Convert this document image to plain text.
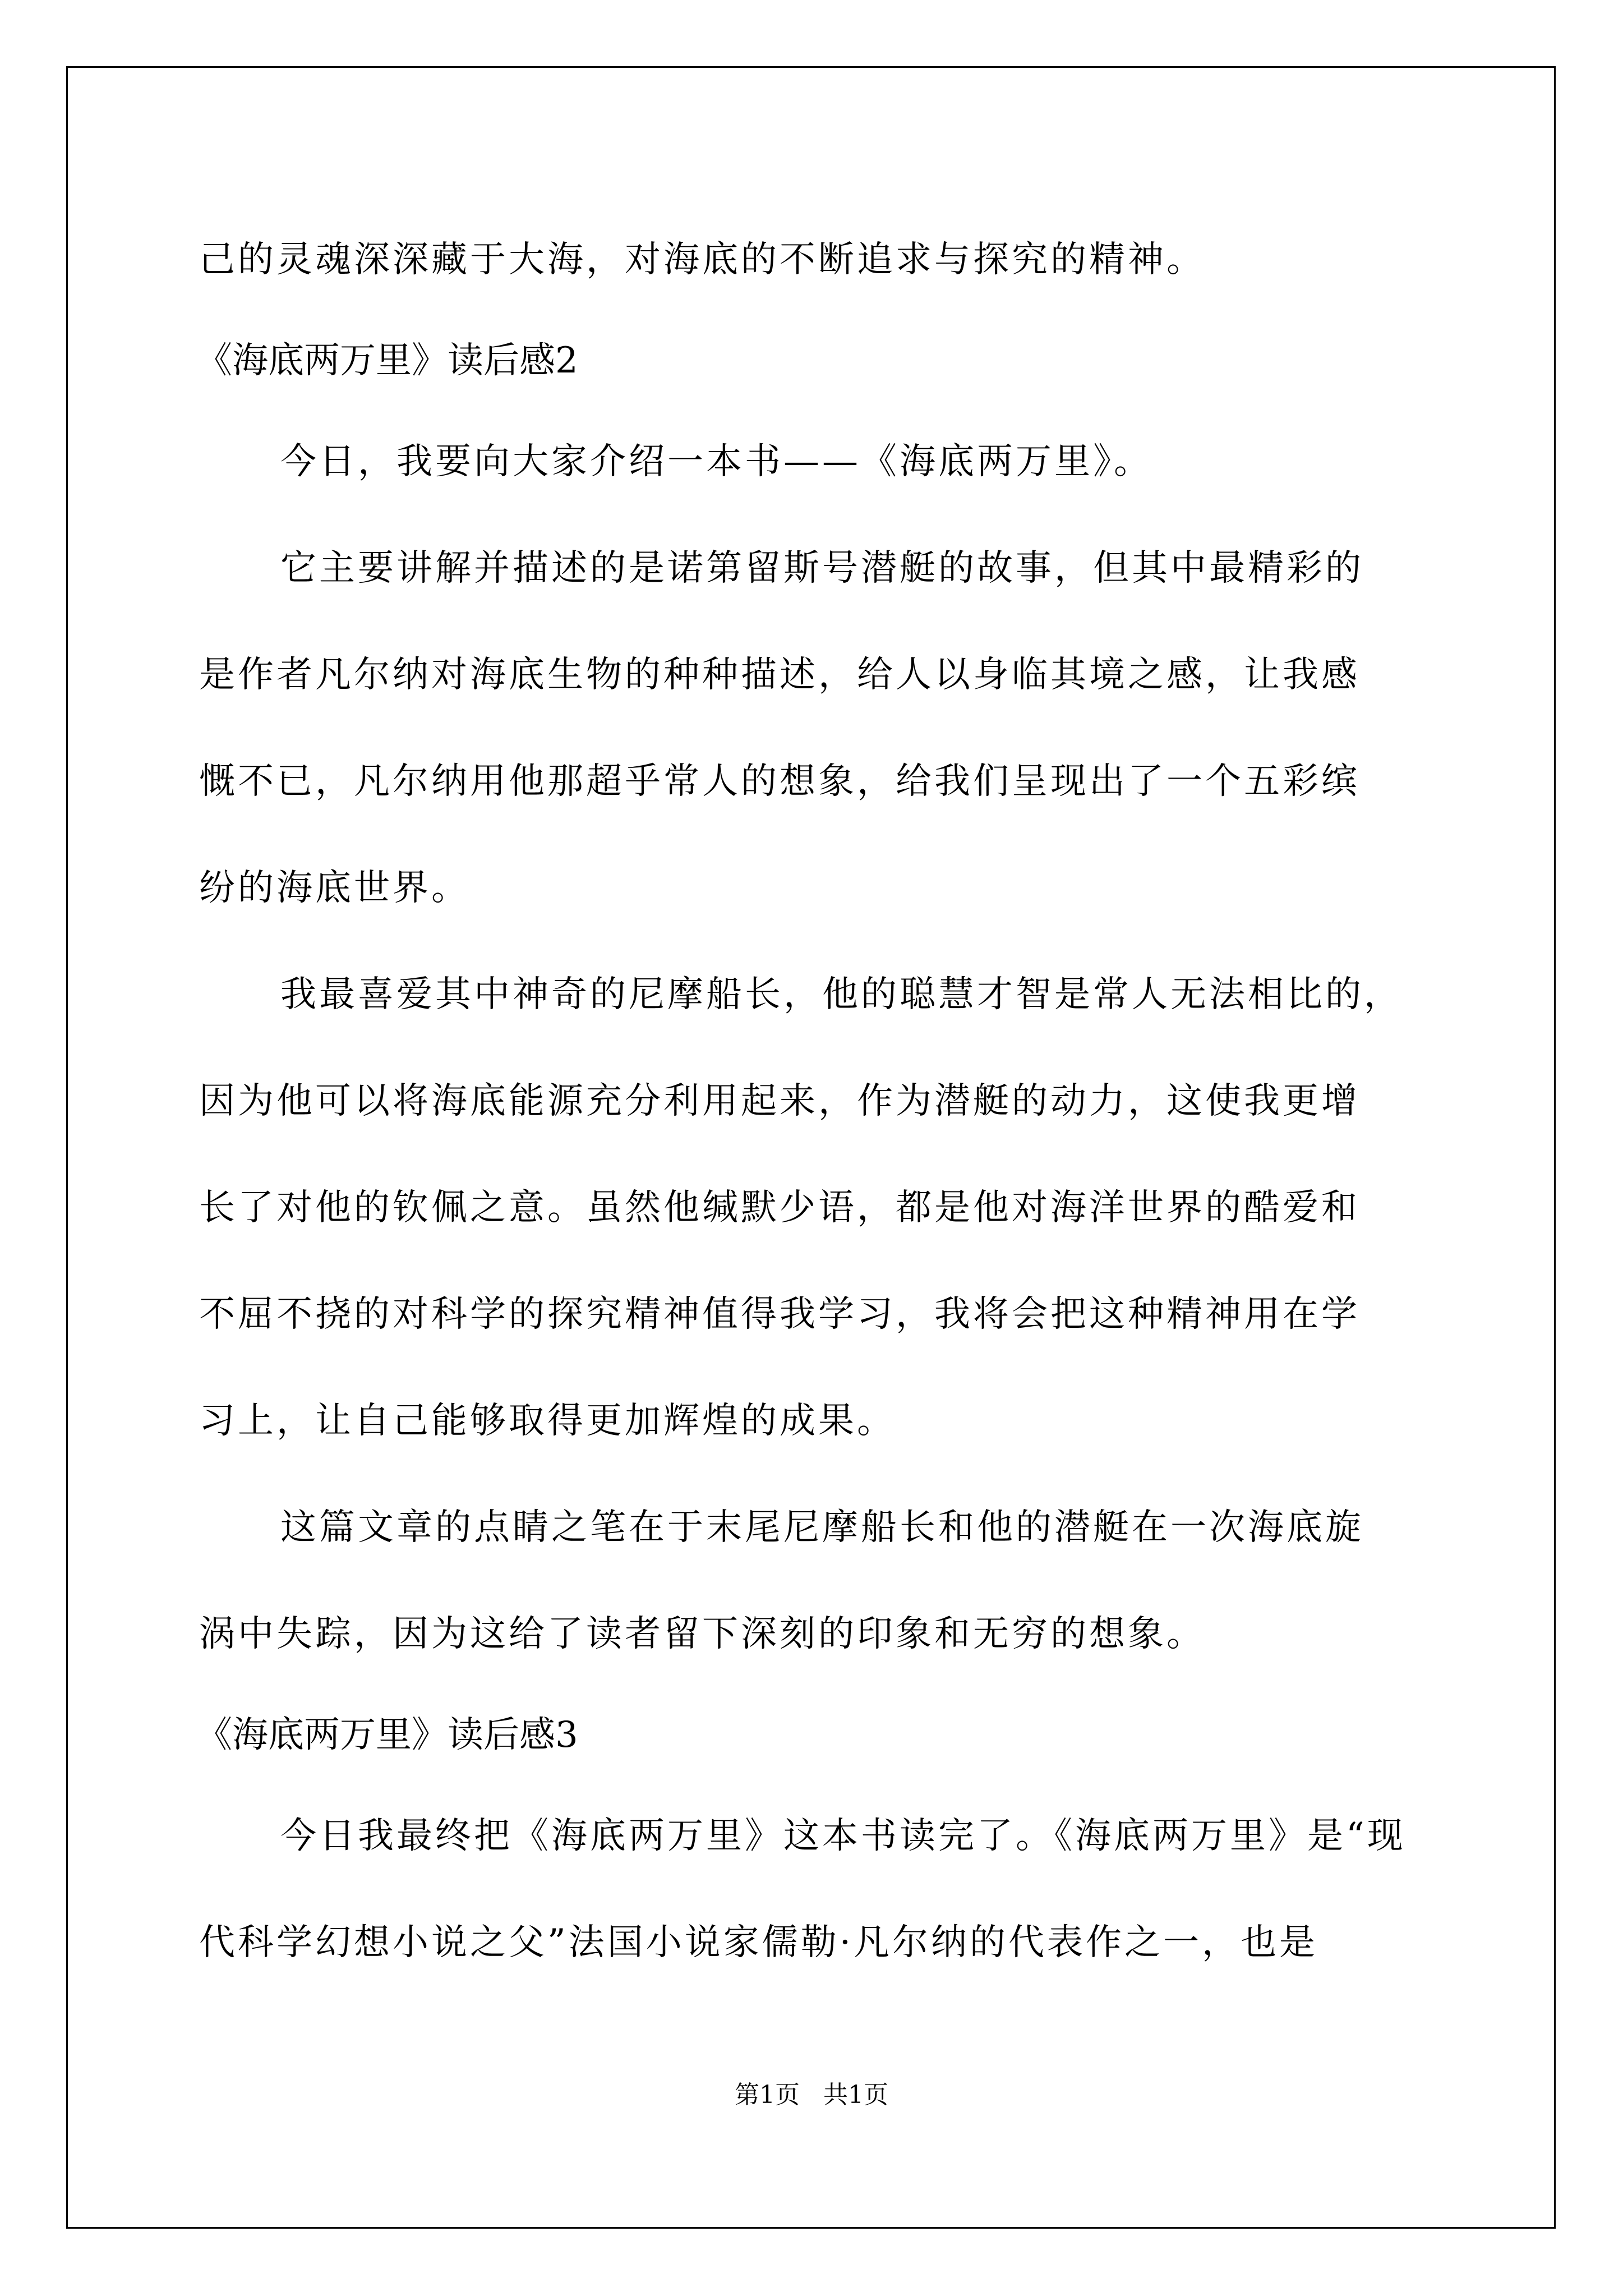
己的灵魂深深藏于大海，对海底的不断追求与探究的精神。
《海底两万里》读后感2
今日，我要向大家介绍一本书——《海底两万里》。
它主要讲解并描述的是诺第留斯号潜艇的故事，但其中最精彩的
是作者凡尔纳对海底生物的种种描述，给人以身临其境之感，让我感
慨不已，凡尔纳用他那超乎常人的想象，给我们呈现出了一个五彩缤
纷的海底世界。
我最喜爱其中神奇的尼摩船长，他的聪慧才智是常人无法相比的，
因为他可以将海底能源充分利用起来，作为潜艇的动力，这使我更增
长了对他的钦佩之意。虽然他缄默少语，都是他对海洋世界的酷爱和
不屈不挠的对科学的探究精神值得我学习，我将会把这种精神用在学
习上，让自己能够取得更加辉煌的成果。
这篇文章的点睛之笔在于末尾尼摩船长和他的潜艇在一次海底旋
涡中失踪，因为这给了读者留下深刻的印象和无穷的想象。
《海底两万里》读后感3
今日我最终把《海底两万里》这本书读完了。《海底两万里》是“现
代科学幻想小说之父”法国小说家儒勒·凡尔纳的代表作之一，也是
第1页   共1页
